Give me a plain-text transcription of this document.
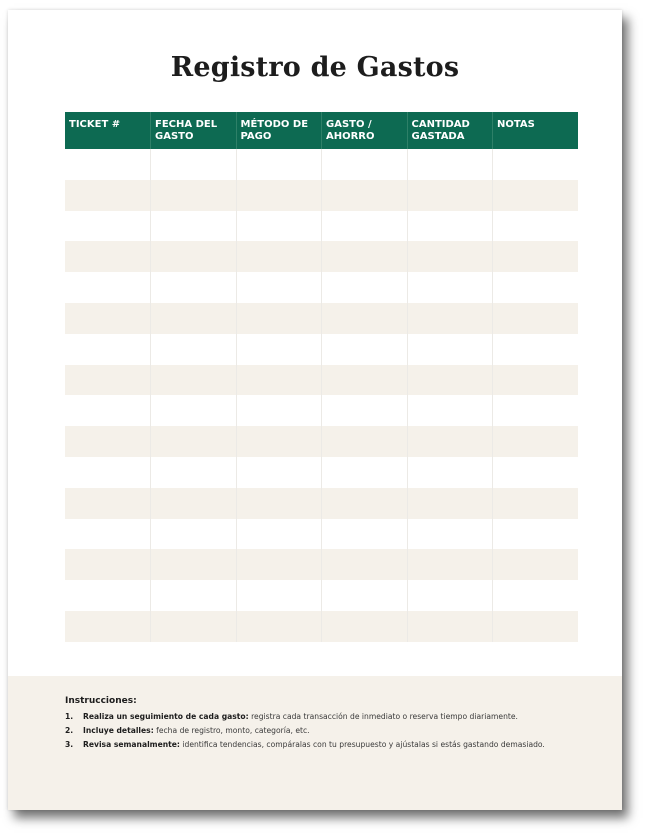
Registro de Gastos
TICKET #	FECHA DEL GASTO	MÉTODO DE PAGO	GASTO / AHORRO	CANTIDAD GASTADA	NOTAS

Instrucciones:
1. Realiza un seguimiento de cada gasto: registra cada transacción de inmediato o reserva tiempo diariamente.
2. Incluye detalles: fecha de registro, monto, categoría, etc.
3. Revisa semanalmente: identifica tendencias, compáralas con tu presupuesto y ajústalas si estás gastando demasiado.
